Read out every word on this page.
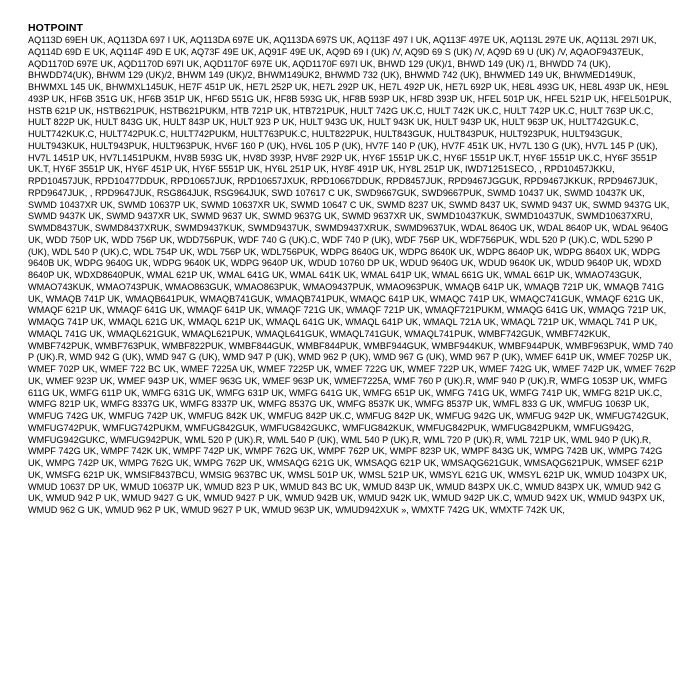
HOTPOINT

AQ113D 69EH UK, AQ113DA 697 I UK, AQ113DA 697E UK, AQ113DA 697S UK, AQ113F 497 I UK, AQ113F 497E UK, AQ113L 297E UK, AQ113L 297I UK, AQ114D 69D E UK, AQ114F 49D E UK, AQ73F 49E UK, AQ91F 49E UK, AQ9D 69 I (UK) /V, AQ9D 69 S (UK) /V, AQ9D 69 U (UK) /V, AQAOF9437EUK, AQD1170D 697E UK, AQD1170D 697I UK, AQD1170F 697E UK, AQD1170F 697I UK, BHWD 129 (UK)/1, BHWD 149 (UK) /1, BHWDD 74 (UK), BHWDD74(UK), BHWM 129 (UK)/2, BHWM 149 (UK)/2, BHWM149UK2, BHWMD 732 (UK), BHWMD 742 (UK), BHWMED 149 UK, BHWMED149UK, BHWMXL 145 UK, BHWMXL145UK, HE7F 451P UK, HE7L 252P UK, HE7L 292P UK, HE7L 492P UK, HE7L 692P UK, HE8L 493G UK, HE8L 493P UK, HE9L 493P UK, HF6B 351G UK, HF6B 351P UK, HF6D 551G UK, HF8B 593G UK, HF8B 593P UK, HF8D 393P UK, HFEL 501P UK, HFEL 521P UK, HFEL501PUK, HSTB 621P UK, HSTB621PUK, HSTB621PUKM, HTB 721P UK, HTB721PUK, HULT 742G UK.C, HULT 742K UK.C, HULT 742P UK.C, HULT 763P UK.C, HULT 822P UK, HULT 843G UK, HULT 843P UK, HULT 923 P UK, HULT 943G UK, HULT 943K UK, HULT 943P UK, HULT 963P UK, HULT742GUK.C, HULT742KUK.C, HULT742PUK.C, HULT742PUKM, HULT763PUK.C, HULT822PUK, HULT843GUK, HULT843PUK, HULT923PUK, HULT943GUK, HULT943KUK, HULT943PUK, HULT963PUK, HV6F 160 P (UK), HV6L 105 P (UK), HV7F 140 P (UK), HV7F 451K UK, HV7L 130 G (UK), HV7L 145 P (UK), HV7L 1451P UK, HV7L1451PUKM, HV8B 593G UK, HV8D 393P, HV8F 292P UK, HY6F 1551P UK.C, HY6F 1551P UK.T, HY6F 1551P UK.C, HY6F 3551P UK.T, HY6F 3551P UK, HY6F 451P UK, HY6F 5551P UK, HY6L 251P UK, HY8F 491P UK, HY8L 251P UK, IWD71251SECO, , RPD10457JKKU, RPD10457JUK, RPD10477DDUK, RPD10657JUK, RPD10657JXUK, RPD10667DDUK, RPD8457JUK, RPD9467JGGUK, RPD9467JKKUK, RPD9467JUK, RPD9647JUK, , RPD9647JUK, RSG864JUK, RSG964JUK, SWD 107617 C UK, SWD9667GUK, SWD9667PUK, SWMD 10437 UK, SWMD 10437K UK, SWMD 10437XR UK, SWMD 10637P UK, SWMD 10637XR UK, SWMD 10647 C UK, SWMD 8237 UK, SWMD 8437 UK, SWMD 9437 UK, SWMD 9437G UK, SWMD 9437K UK, SWMD 9437XR UK, SWMD 9637 UK, SWMD 9637G UK, SWMD 9637XR UK, SWMD10437KUK, SWMD10437UK, SWMD10637XRU, SWMD8437UK, SWMD8437XRUK, SWMD9437KUK, SWMD9437UK, SWMD9437XRUK, SWMD9637UK, WDAL 8640G UK, WDAL 8640P UK, WDAL 9640G UK, WDD 750P UK, WDD 756P UK, WDD756PUK, WDF 740 G (UK).C, WDF 740 P (UK), WDF 756P UK, WDF756PUK, WDL 520 P (UK).C, WDL 5290 P (UK), WDL 540 P (UK).C, WDL 754P UK, WDL 756P UK, WDL756PUK, WDPG 8640G UK, WDPG 8640K UK, WDPG 8640P UK, WDPG 8640X UK, WDPG 9640B UK, WDPG 9640G UK, WDPG 9640K UK, WDPG 9640P UK, WDUD 10760 DP UK, WDUD 9640G UK, WDUD 9640K UK, WDUD 9640P UK, WDXD 8640P UK, WDXD8640PUK, WMAL 621P UK, WMAL 641G UK, WMAL 641K UK, WMAL 641P UK, WMAL 661G UK, WMAL 661P UK, WMAO743GUK, WMAO743KUK, WMAO743PUK, WMAO863GUK, WMAO863PUK, WMAO9437PUK, WMAO963PUK, WMAQB 641P UK, WMAQB 721P UK, WMAQB 741G UK, WMAQB 741P UK, WMAQB641PUK, WMAQB741GUK, WMAQB741PUK, WMAQC 641P UK, WMAQC 741P UK, WMAQC741GUK, WMAQF 621G UK, WMAQF 621P UK, WMAQF 641G UK, WMAQF 641P UK, WMAQF 721G UK, WMAQF 721P UK, WMAQF721PUKM, WMAQG 641G UK, WMAQG 721P UK, WMAQG 741P UK, WMAQL 621G UK, WMAQL 621P UK, WMAQL 641G UK, WMAQL 641P UK, WMAQL 721A UK, WMAQL 721P UK, WMAQL 741 P UK, WMAQL 741G UK, WMAQL621GUK, WMAQL621PUK, WMAQL641GUK, WMAQL741GUK, WMAQL741PUK, WMBF742GUK, WMBF742KUK, WMBF742PUK, WMBF763PUK, WMBF822PUK, WMBF844GUK, WMBF844PUK, WMBF944GUK, WMBF944KUK, WMBF944PUK, WMBF963PUK, WMD 740 P (UK).R, WMD 942 G (UK), WMD 947 G (UK), WMD 947 P (UK), WMD 962 P (UK), WMD 967 G (UK), WMD 967 P (UK), WMEF 641P UK, WMEF 7025P UK, WMEF 702P UK, WMEF 722 BC UK, WMEF 7225A UK, WMEF 7225P UK, WMEF 722G UK, WMEF 722P UK, WMEF 742G UK, WMEF 742P UK, WMEF 762P UK, WMEF 923P UK, WMEF 943P UK, WMEF 963G UK, WMEF 963P UK, WMEF7225A, WMF 760 P (UK).R, WMF 940 P (UK).R, WMFG 1053P UK, WMFG 611G UK, WMFG 611P UK, WMFG 631G UK, WMFG 631P UK, WMFG 641G UK, WMFG 651P UK, WMFG 741G UK, WMFG 741P UK, WMFG 821P UK.C, WMFG 821P UK, WMFG 8337G UK, WMFG 8337P UK, WMFG 8537G UK, WMFG 8537K UK, WMFG 8537P UK, WMFL 833 G UK, WMFUG 1063P UK, WMFUG 742G UK, WMFUG 742P UK, WMFUG 842K UK, WMFUG 842P UK.C, WMFUG 842P UK, WMFUG 942G UK, WMFUG 942P UK, WMFUG742GUK, WMFUG742PUK, WMFUG742PUKM, WMFUG842GUK, WMFUG842GUKC, WMFUG842KUK, WMFUG842PUK, WMFUG842PUKM, WMFUG942G, WMFUG942GUKC, WMFUG942PUK, WML 520 P (UK).R, WML 540 P (UK), WML 540 P (UK).R, WML 720 P (UK).R, WML 721P UK, WML 940 P (UK).R, WMPF 742G UK, WMPF 742K UK, WMPF 742P UK, WMPF 762G UK, WMPF 762P UK, WMPF 823P UK, WMPF 843G UK, WMPG 742B UK, WMPG 742G UK, WMPG 742P UK, WMPG 762G UK, WMPG 762P UK, WMSAQG 621G UK, WMSAQG 621P UK, WMSAQG621GUK, WMSAQG621PUK, WMSEF 621P UK, WMSFG 621P UK, WMSIF8437BCU, WMSIG 9637BC UK, WMSL 501P UK, WMSL 521P UK, WMSYL 621G UK, WMSYL 621P UK, WMUD 1043PX UK, WMUD 10637 DP UK, WMUD 10637P UK, WMUD 823 P UK, WMUD 843 BC UK, WMUD 843P UK, WMUD 843PX UK.C, WMUD 843PX UK, WMUD 942 G UK, WMUD 942 P UK, WMUD 9427 G UK, WMUD 9427 P UK, WMUD 942B UK, WMUD 942K UK, WMUD 942P UK.C, WMUD 942X UK, WMUD 943PX UK, WMUD 962 G UK, WMUD 962 P UK, WMUD 9627 P UK, WMUD 963P UK, WMUD942XUK », WMXTF 742G UK, WMXTF 742K UK,
